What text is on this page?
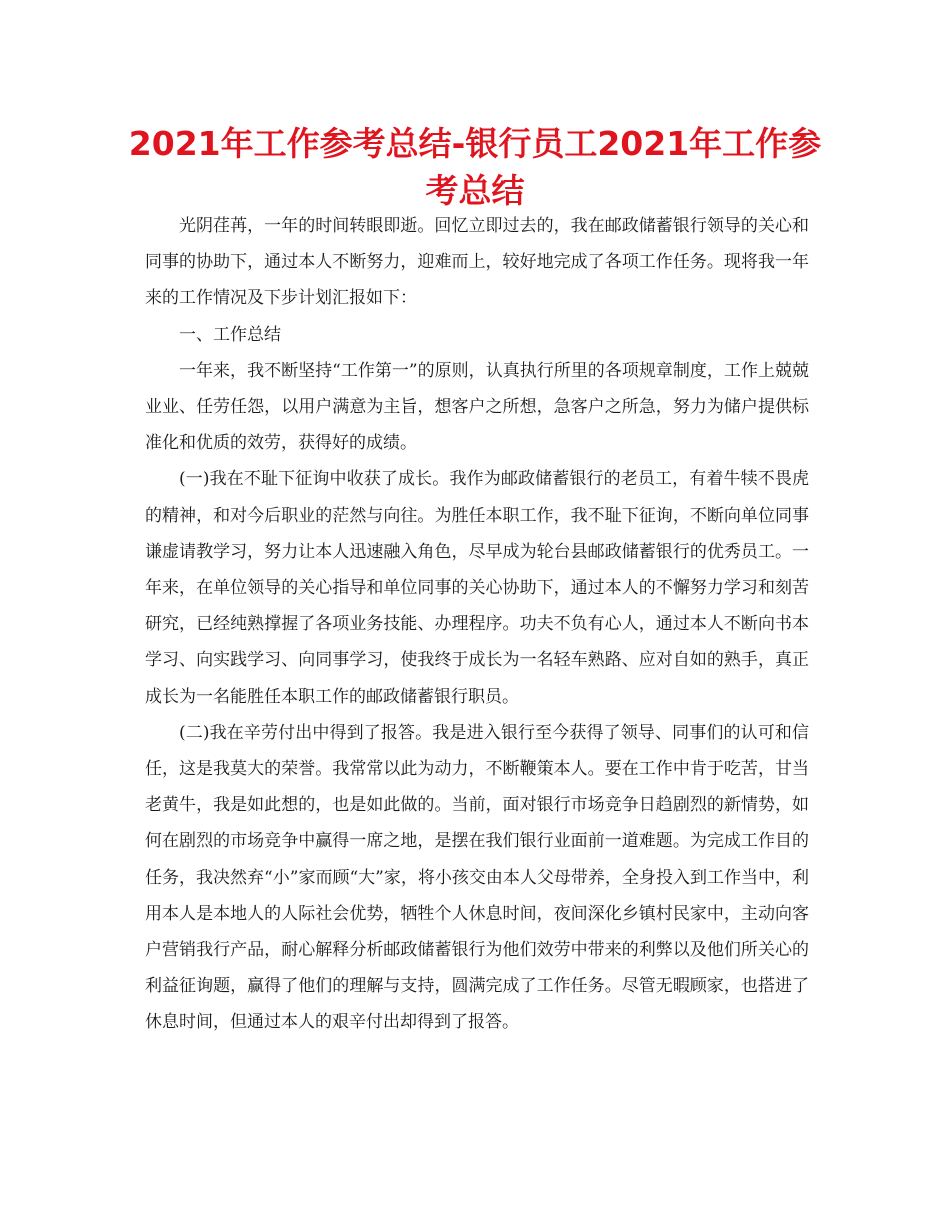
2021年工作参考总结-银行员工2021年工作参考总结

光阴荏苒，一年的时间转眼即逝。回忆立即过去的，我在邮政储蓄银行领导的关心和同事的协助下，通过本人不断努力，迎难而上，较好地完成了各项工作任务。现将我一年来的工作情况及下步计划汇报如下：

一、工作总结

一年来，我不断坚持“工作第一”的原则，认真执行所里的各项规章制度，工作上兢兢业业、任劳任怨，以用户满意为主旨，想客户之所想，急客户之所急，努力为储户提供标准化和优质的效劳，获得好的成绩。

(一)我在不耻下征询中收获了成长。我作为邮政储蓄银行的老员工，有着牛犊不畏虎的精神，和对今后职业的茫然与向往。为胜任本职工作，我不耻下征询，不断向单位同事谦虚请教学习，努力让本人迅速融入角色，尽早成为轮台县邮政储蓄银行的优秀员工。一年来，在单位领导的关心指导和单位同事的关心协助下，通过本人的不懈努力学习和刻苦研究，已经纯熟撑握了各项业务技能、办理程序。功夫不负有心人，通过本人不断向书本学习、向实践学习、向同事学习，使我终于成长为一名轻车熟路、应对自如的熟手，真正成长为一名能胜任本职工作的邮政储蓄银行职员。

(二)我在辛劳付出中得到了报答。我是进入银行至今获得了领导、同事们的认可和信任，这是我莫大的荣誉。我常常以此为动力，不断鞭策本人。要在工作中肯于吃苦，甘当老黄牛，我是如此想的，也是如此做的。当前，面对银行市场竞争日趋剧烈的新情势，如何在剧烈的市场竞争中赢得一席之地，是摆在我们银行业面前一道难题。为完成工作目的任务，我决然弃“小”家而顾“大”家，将小孩交由本人父母带养，全身投入到工作当中，利用本人是本地人的人际社会优势，牺牲个人休息时间，夜间深化乡镇村民家中，主动向客户营销我行产品，耐心解释分析邮政储蓄银行为他们效劳中带来的利弊以及他们所关心的利益征询题，赢得了他们的理解与支持，圆满完成了工作任务。尽管无暇顾家，也搭进了休息时间，但通过本人的艰辛付出却得到了报答。
